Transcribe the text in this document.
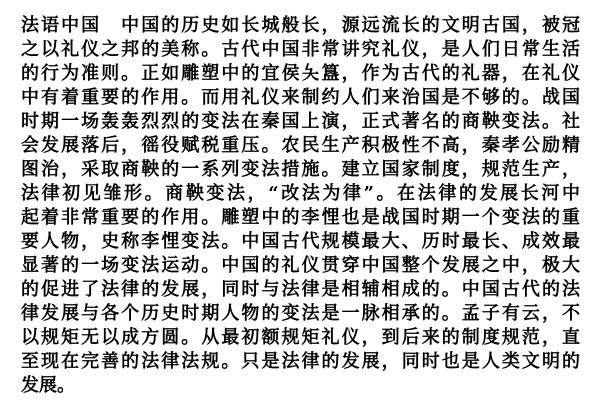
法语中国　中国的历史如长城般长，源远流长的文明古国，被冠

之以礼仪之邦的美称。古代中国非常讲究礼仪，是人们日常生活

的行为准则。正如雕塑中的宜侯夨簋，作为古代的礼器，在礼仪

中有着重要的作用。而用礼仪来制约人们来治国是不够的。战国

时期一场轰轰烈烈的变法在秦国上演，正式著名的商鞅变法。社

会发展落后，徭役赋税重压。农民生产积极性不高，秦孝公励精

图治，采取商鞅的一系列变法措施。建立国家制度，规范生产，

法律初见雏形。商鞅变法，“改法为律”。在法律的发展长河中

起着非常重要的作用。雕塑中的李悝也是战国时期一个变法的重

要人物，史称李悝变法。中国古代规模最大、历时最长、成效最

显著的一场变法运动。中国的礼仪贯穿中国整个发展之中，极大

的促进了法律的发展，同时与法律是相辅相成的。中国古代的法

律发展与各个历史时期人物的变法是一脉相承的。孟子有云，不

以规矩无以成方圆。从最初额规矩礼仪，到后来的制度规范，直

至现在完善的法律法规。只是法律的发展，同时也是人类文明的

发展。
